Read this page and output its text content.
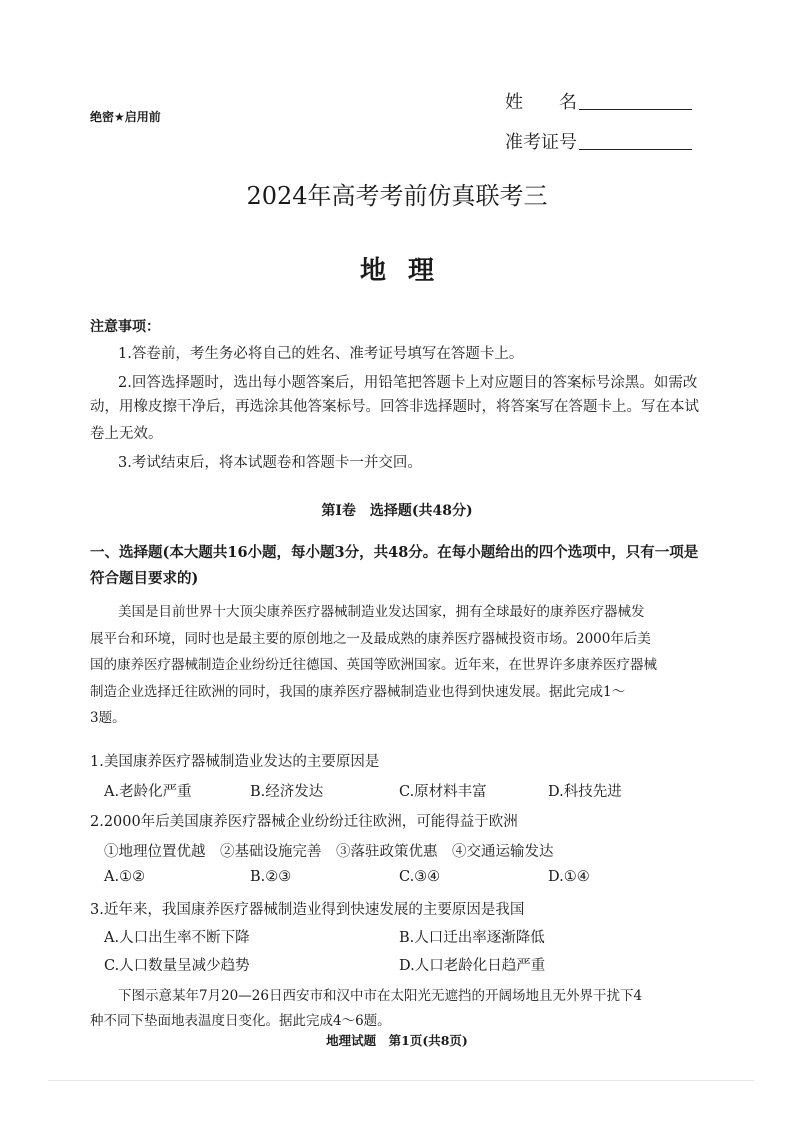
绝密★启用前
姓　　名
准考证号
2024年高考考前仿真联考三
地理
注意事项：
1.答卷前，考生务必将自己的姓名、准考证号填写在答题卡上。
2.回答选择题时，选出每小题答案后，用铅笔把答题卡上对应题目的答案标号涂黑。如需改
动，用橡皮擦干净后，再选涂其他答案标号。回答非选择题时，将答案写在答题卡上。写在本试
卷上无效。
3.考试结束后，将本试题卷和答题卡一并交回。
第Ⅰ卷　选择题(共48分)
一、选择题(本大题共16小题，每小题3分，共48分。在每小题给出的四个选项中，只有一项是
符合题目要求的)
美国是目前世界十大顶尖康养医疗器械制造业发达国家，拥有全球最好的康养医疗器械发
展平台和环境，同时也是最主要的原创地之一及最成熟的康养医疗器械投资市场。2000年后美
国的康养医疗器械制造企业纷纷迁往德国、英国等欧洲国家。近年来，在世界许多康养医疗器械
制造企业选择迁往欧洲的同时，我国的康养医疗器械制造业也得到快速发展。据此完成1～
3题。
1.美国康养医疗器械制造业发达的主要原因是
A.老龄化严重	B.经济发达	C.原材料丰富	D.科技先进
2.2000年后美国康养医疗器械企业纷纷迁往欧洲，可能得益于欧洲
①地理位置优越　②基础设施完善　③落驻政策优惠　④交通运输发达
A.①②	B.②③	C.③④	D.①④
3.近年来，我国康养医疗器械制造业得到快速发展的主要原因是我国
A.人口出生率不断下降	B.人口迁出率逐渐降低
C.人口数量呈减少趋势	D.人口老龄化日趋严重
下图示意某年7月20—26日西安市和汉中市在太阳光无遮挡的开阔场地且无外界干扰下4
种不同下垫面地表温度日变化。据此完成4～6题。
地理试题　第1页(共8页)
